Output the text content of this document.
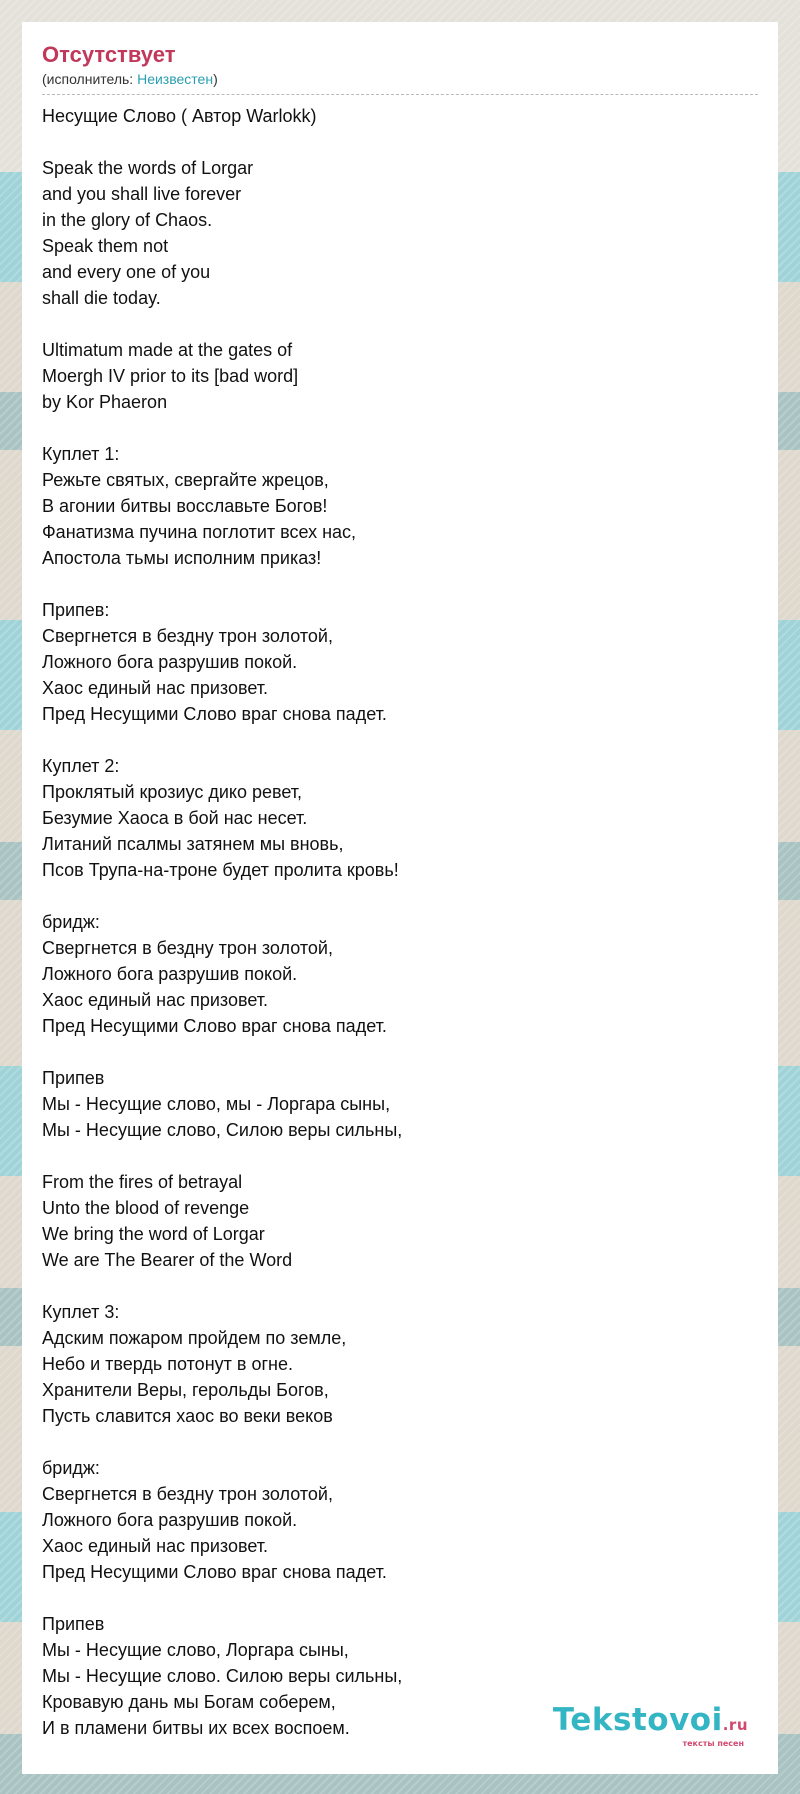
Отсутствует
(исполнитель: Неизвестен)
Несущие Слово ( Автор Warlokk)
Speak the words of Lorgar
and you shall live forever
in the glory of Chaos.
Speak them not
and every one of you
shall die today.
Ultimatum made at the gates of
Moergh IV prior to its [bad word]
by Kor Phaeron
Куплет 1:
Режьте святых, свергайте жрецов,
В агонии битвы восславьте Богов!
Фанатизма пучина поглотит всех нас,
Апостола тьмы исполним приказ!
Припев:
Свергнется в бездну трон золотой,
Ложного бога разрушив покой.
Хаос единый нас призовет.
Пред Несущими Слово враг снова падет.
Куплет 2:
Проклятый крозиус дико ревет,
Безумие Хаоса в бой нас несет.
Литаний псалмы затянем мы вновь,
Псов Трупа-на-троне будет пролита кровь!
бридж:
Свергнется в бездну трон золотой,
Ложного бога разрушив покой.
Хаос единый нас призовет.
Пред Несущими Слово враг снова падет.
Припев
Мы - Несущие слово, мы - Лоргара сыны,
Мы - Несущие слово, Силою веры сильны,
From the fires of betrayal
Unto the blood of revenge
We bring the word of Lorgar
We are The Bearer of the Word
Куплет 3:
Адским пожаром пройдем по земле,
Небо и твердь потонут в огне.
Хранители Веры, герольды Богов,
Пусть славится хаос во веки веков
бридж:
Свергнется в бездну трон золотой,
Ложного бога разрушив покой.
Хаос единый нас призовет.
Пред Несущими Слово враг снова падет.
Припев
Мы - Несущие слово, Лоргара сыны,
Мы - Несущие слово. Силою веры сильны,
Кровавую дань мы Богам соберем,
И в пламени битвы их всех воспоем.	Tekstovoi.ru
тексты песен
